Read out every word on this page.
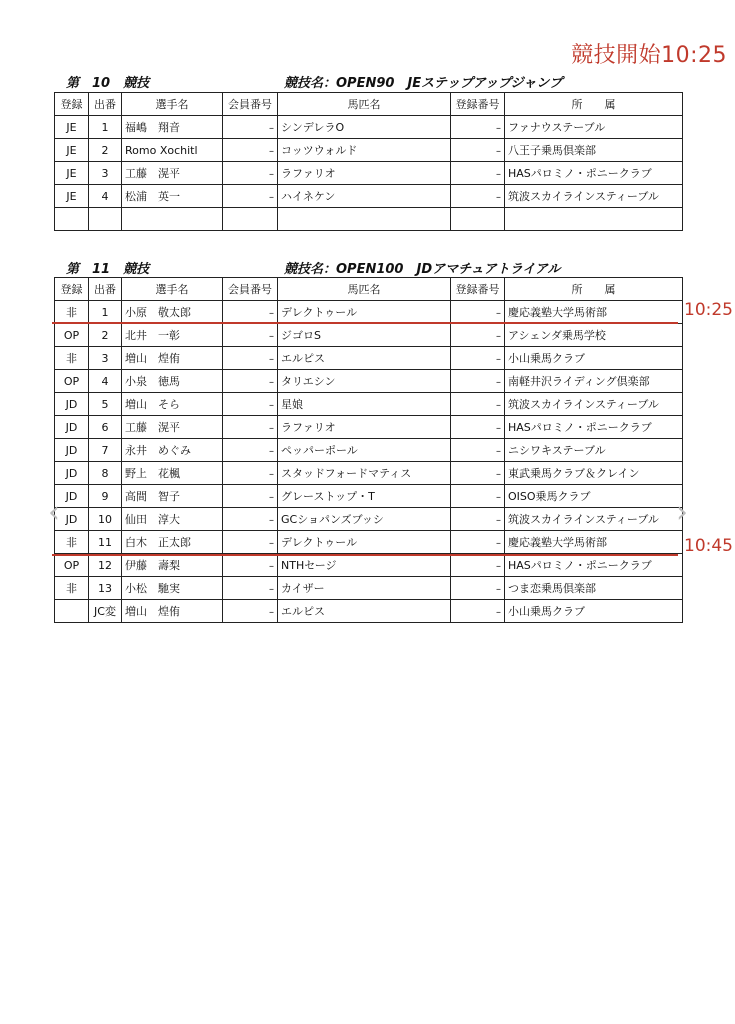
競技開始10:25
第　10　競技	競技名：OPEN90　JEステップアップジャンプ
登録	出番	選手名	会員番号	馬匹名	登録番号	所　　属
JE	1	福嶋　翔音	–	シンデレラO	–	ファナウステーブル
JE	2	Romo Xochitl	–	コッツウォルド	–	八王子乗馬倶楽部
JE	3	工藤　滉平	–	ラファリオ	–	HASパロミノ・ポニークラブ
JE	4	松浦　英一	–	ハイネケン	–	筑波スカイラインスティーブル

第　11　競技	競技名：OPEN100　JDアマチュアトライアル
登録	出番	選手名	会員番号	馬匹名	登録番号	所　　属
非	1	小原　敬太郎	–	デレクトゥール	–	慶応義塾大学馬術部
OP	2	北井　一彰	–	ジゴロS	–	アシェンダ乗馬学校
非	3	増山　煌侑	–	エルピス	–	小山乗馬クラブ
OP	4	小泉　徳馬	–	タリエシン	–	南軽井沢ライディング倶楽部
JD	5	増山　そら	–	星娘	–	筑波スカイラインスティーブル
JD	6	工藤　滉平	–	ラファリオ	–	HASパロミノ・ポニークラブ
JD	7	永井　めぐみ	–	ペッパーポール	–	ニシワキステーブル
JD	8	野上　花楓	–	スタッドフォードマティス	–	東武乗馬クラブ＆クレイン
JD	9	高間　智子	–	グレーストップ・T	–	OISO乗馬クラブ
JD	10	仙田　淳大	–	GCショパンズブッシ	–	筑波スカイラインスティーブル
非	11	白木　正太郎	–	デレクトゥール	–	慶応義塾大学馬術部
OP	12	伊藤　壽梨	–	NTHセージ	–	HASパロミノ・ポニークラブ
非	13	小松　馳実	–	カイザー	–	つま恋乗馬倶楽部
	JC変	増山　煌侑	–	エルピス	–	小山乗馬クラブ
10:25
10:45
‹	›
